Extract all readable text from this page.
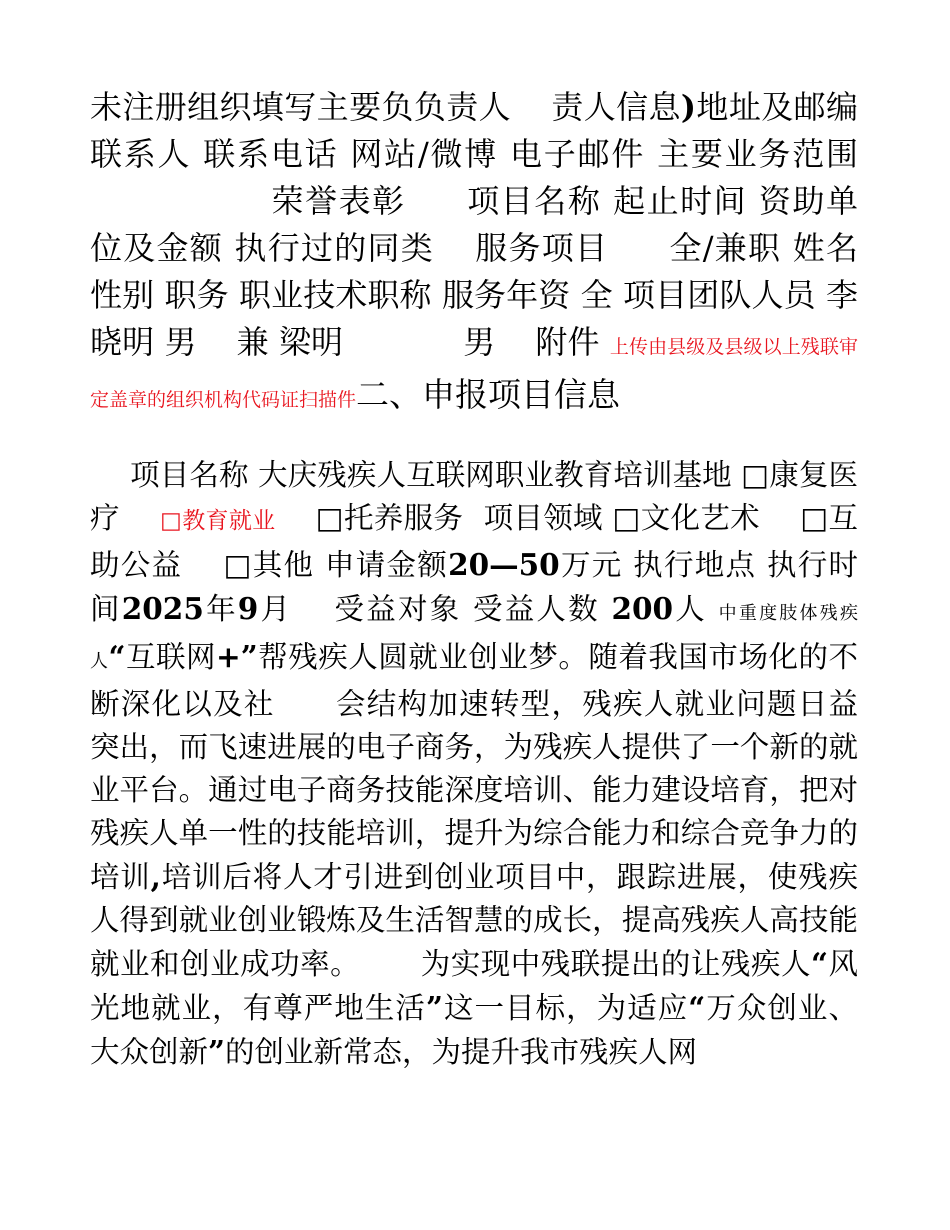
未注册组织填写主要负负责人 责人信息)地址及邮编 联系人 联系电话 网站/微博 电子邮件 主要业务范围荣誉表彰 项目名称 起止时间 资助单位及金额 执行过的同类 服务项目 全/兼职 姓名 性别 职务 职业技术职称 服务年资 全 项目团队人员 李晓明 男 兼 梁明	男 附件 上传由县级及县级以上残联审定盖章的组织机构代码证扫描件二、申报项目信息

项目名称 大庆残疾人互联网职业教育培训基地 □康复医疗 □教育就业 □托养服务 项目领域 □文化艺术 □互助公益 □其他 申请金额20—50万元 执行地点 执行时间2025年9月 受益对象 受益人数 200人 中重度肢体残疾人“互联网+”帮残疾人圆就业创业梦。随着我国市场化的不断深化以及社 会结构加速转型，残疾人就业问题日益突出，而飞速进展的电子商务，为残疾人提供了一个新的就业平台。通过电子商务技能深度培训、能力建设培育，把对残疾人单一性的技能培训，提升为综合能力和综合竞争力的培训,培训后将人才引进到创业项目中，跟踪进展，使残疾人得到就业创业锻炼及生活智慧的成长，提高残疾人高技能就业和创业成功率。 为实现中残联提出的让残疾人“风光地就业，有尊严地生活”这一目标，为适应“万众创业、大众创新”的创业新常态，为提升我市残疾人网
